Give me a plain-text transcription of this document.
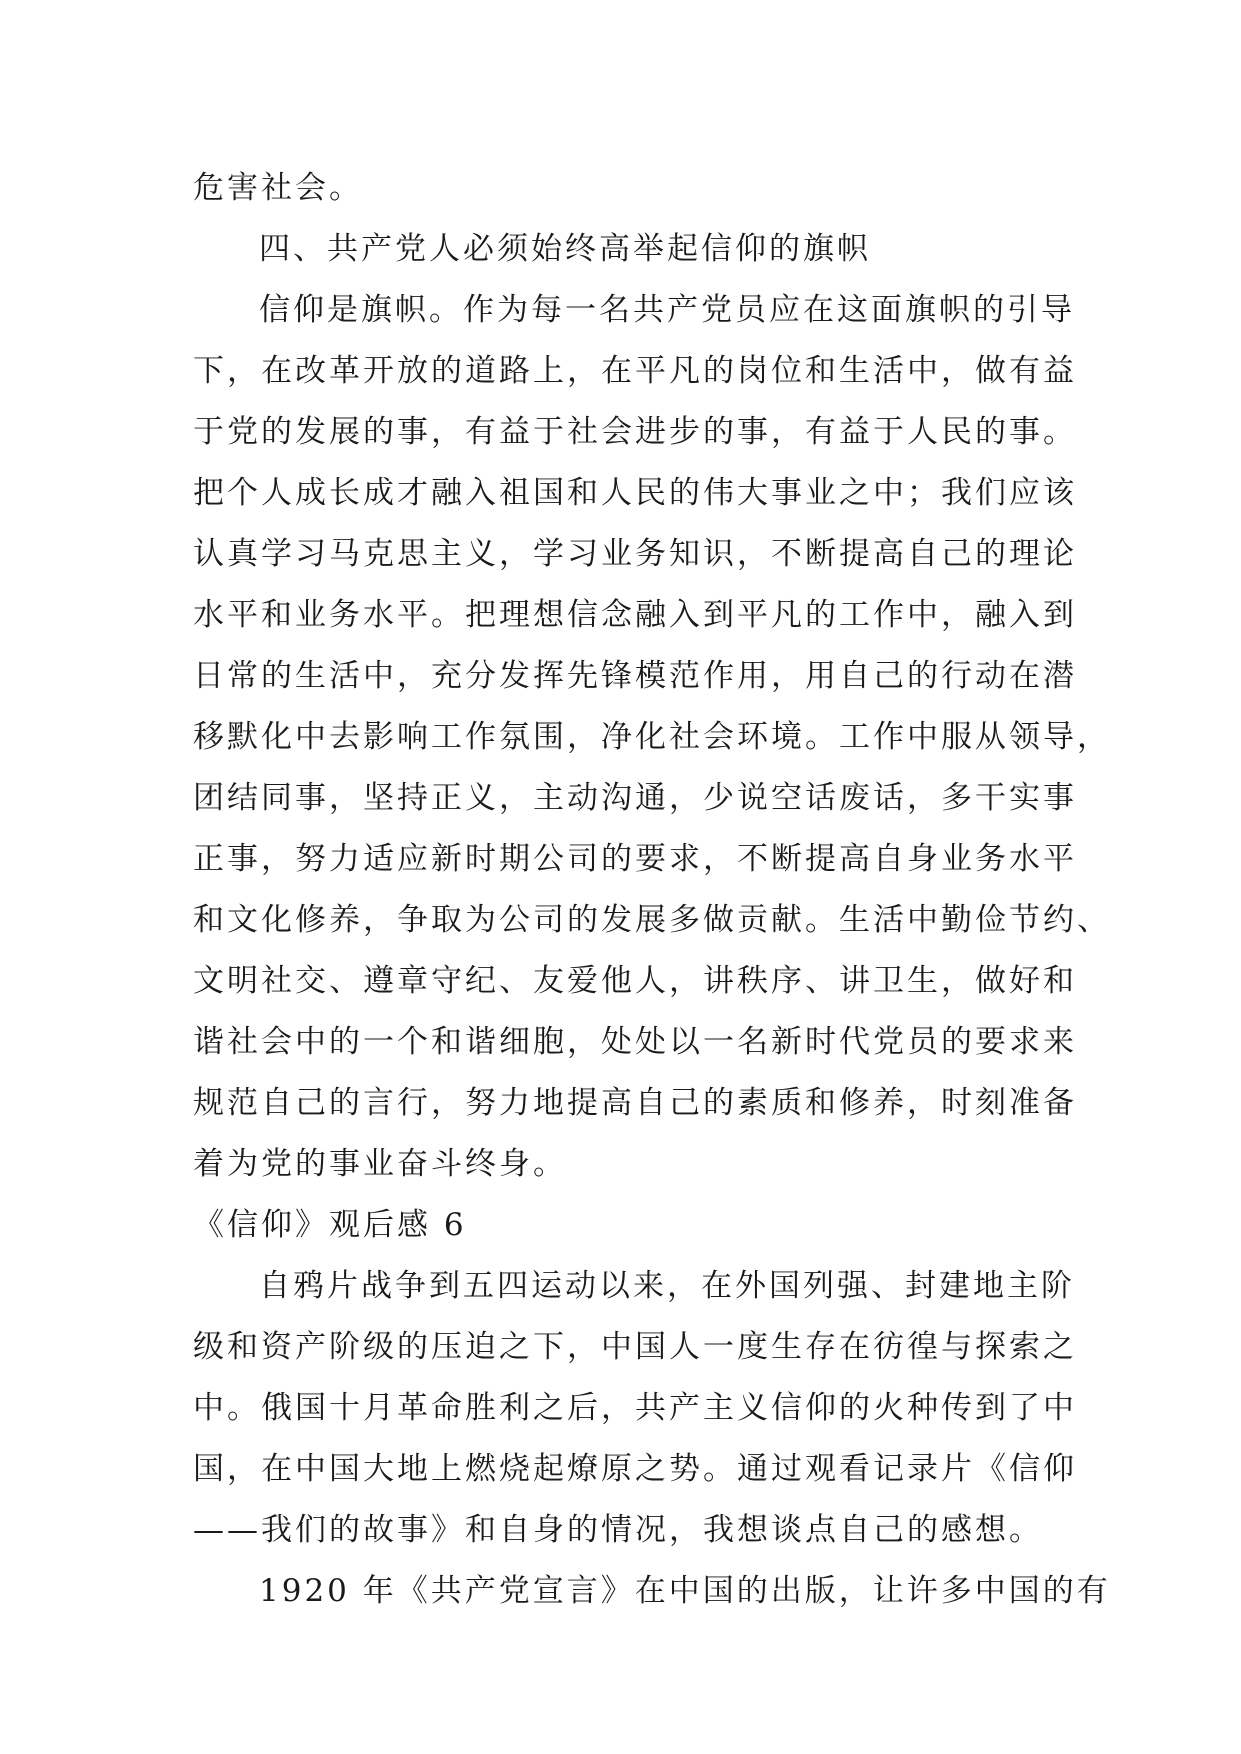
危害社会。
四、共产党人必须始终高举起信仰的旗帜
信仰是旗帜。作为每一名共产党员应在这面旗帜的引导
下，在改革开放的道路上，在平凡的岗位和生活中，做有益
于党的发展的事，有益于社会进步的事，有益于人民的事。
把个人成长成才融入祖国和人民的伟大事业之中；我们应该
认真学习马克思主义，学习业务知识，不断提高自己的理论
水平和业务水平。把理想信念融入到平凡的工作中，融入到
日常的生活中，充分发挥先锋模范作用，用自己的行动在潜
移默化中去影响工作氛围，净化社会环境。工作中服从领导，
团结同事，坚持正义，主动沟通，少说空话废话，多干实事
正事，努力适应新时期公司的要求，不断提高自身业务水平
和文化修养，争取为公司的发展多做贡献。生活中勤俭节约、
文明社交、遵章守纪、友爱他人，讲秩序、讲卫生，做好和
谐社会中的一个和谐细胞，处处以一名新时代党员的要求来
规范自己的言行，努力地提高自己的素质和修养，时刻准备
着为党的事业奋斗终身。
《信仰》观后感 6
自鸦片战争到五四运动以来，在外国列强、封建地主阶
级和资产阶级的压迫之下，中国人一度生存在彷徨与探索之
中。俄国十月革命胜利之后，共产主义信仰的火种传到了中
国，在中国大地上燃烧起燎原之势。通过观看记录片《信仰
——我们的故事》和自身的情况，我想谈点自己的感想。
1920 年《共产党宣言》在中国的出版，让许多中国的有
